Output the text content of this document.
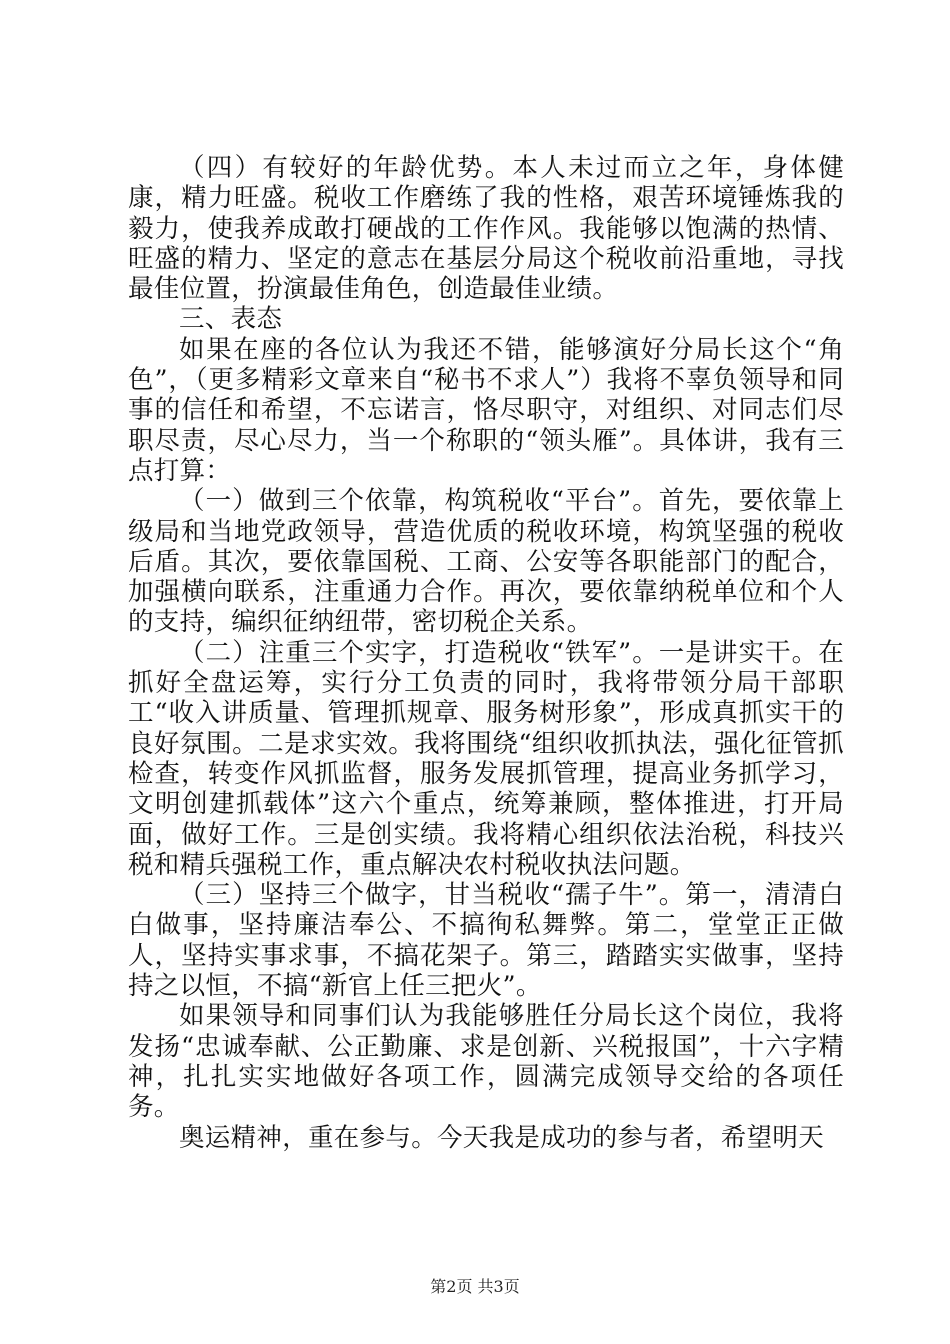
（四）有较好的年龄优势。本人未过而立之年，身体健康，精力旺盛。税收工作磨练了我的性格，艰苦环境锤炼我的毅力，使我养成敢打硬战的工作作风。我能够以饱满的热情、旺盛的精力、坚定的意志在基层分局这个税收前沿重地，寻找最佳位置，扮演最佳角色，创造最佳业绩。

三、表态

如果在座的各位认为我还不错，能够演好分局长这个“角色”，（更多精彩文章来自“秘书不求人”）我将不辜负领导和同事的信任和希望，不忘诺言，恪尽职守，对组织、对同志们尽职尽责，尽心尽力，当一个称职的“领头雁”。具体讲，我有三点打算：

（一）做到三个依靠，构筑税收“平台”。首先，要依靠上级局和当地党政领导，营造优质的税收环境，构筑坚强的税收后盾。其次，要依靠国税、工商、公安等各职能部门的配合，加强横向联系，注重通力合作。再次，要依靠纳税单位和个人的支持，编织征纳纽带，密切税企关系。

（二）注重三个实字，打造税收“铁军”。一是讲实干。在抓好全盘运筹，实行分工负责的同时，我将带领分局干部职工“收入讲质量、管理抓规章、服务树形象”，形成真抓实干的良好氛围。二是求实效。我将围绕“组织收抓执法，强化征管抓检查，转变作风抓监督，服务发展抓管理，提高业务抓学习，文明创建抓载体”这六个重点，统筹兼顾，整体推进，打开局面，做好工作。三是创实绩。我将精心组织依法治税，科技兴税和精兵强税工作，重点解决农村税收执法问题。

（三）坚持三个做字，甘当税收“孺子牛”。第一，清清白白做事，坚持廉洁奉公、不搞徇私舞弊。第二，堂堂正正做人，坚持实事求事，不搞花架子。第三，踏踏实实做事，坚持持之以恒，不搞“新官上任三把火”。

如果领导和同事们认为我能够胜任分局长这个岗位，我将发扬“忠诚奉献、公正勤廉、求是创新、兴税报国”，十六字精神，扎扎实实地做好各项工作，圆满完成领导交给的各项任务。

奥运精神，重在参与。今天我是成功的参与者，希望明天

第2页 共3页
